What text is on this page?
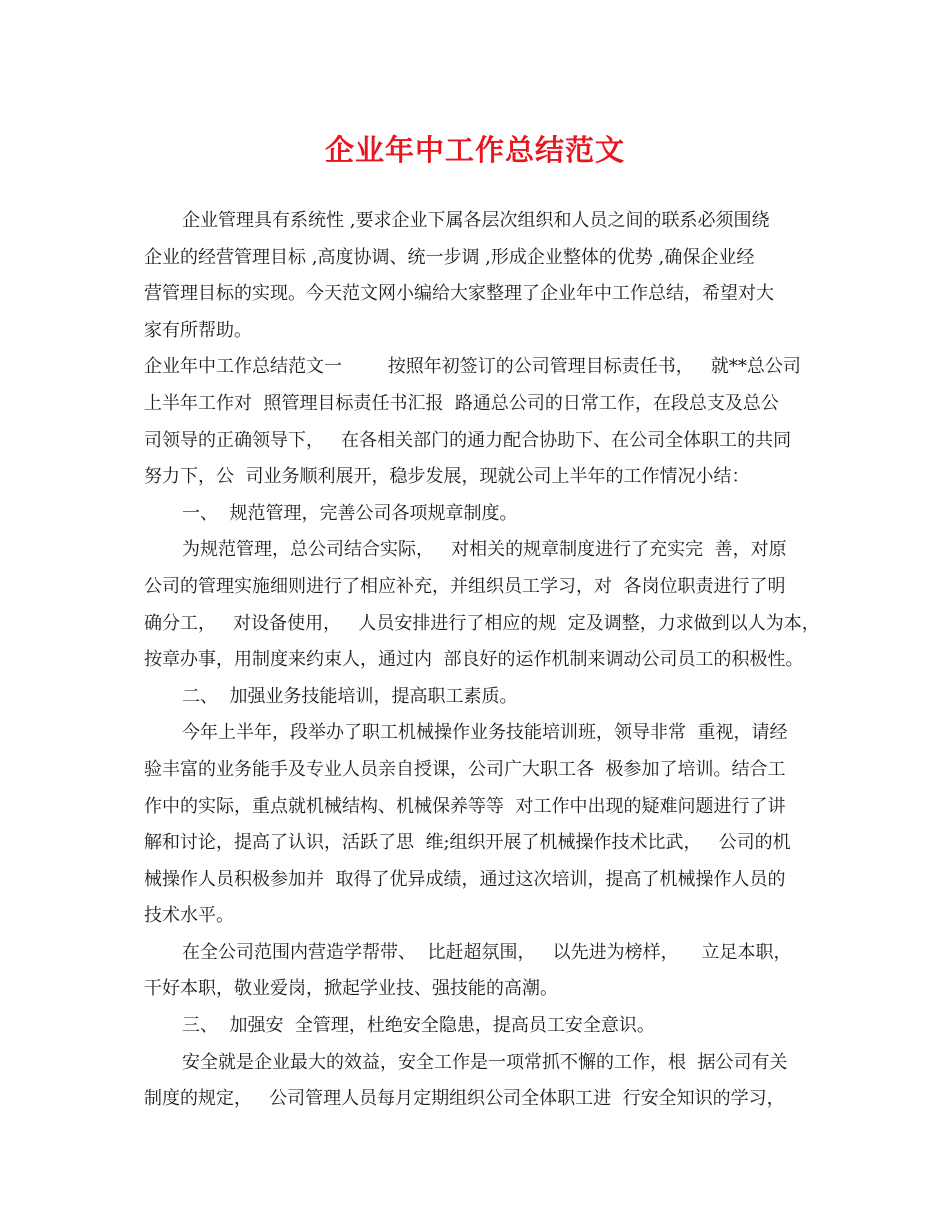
企业年中工作总结范文
企业管理具有系统性 ,要求企业下属各层次组织和人员之间的联系必须围绕
企业的经营管理目标 ,高度协调、统一步调 ,形成企业整体的优势 ,确保企业经
营管理目标的实现。今天范文网小编给大家整理了企业年中工作总结，希望对大
家有所帮助。
企业年中工作总结范文一        按照年初签订的公司管理目标责任书，   就**总公司
上半年工作对  照管理目标责任书汇报  路通总公司的日常工作，在段总支及总公
司领导的正确领导下，   在各相关部门的通力配合协助下、在公司全体职工的共同
努力下，公  司业务顺利展开，稳步发展，现就公司上半年的工作情况小结：
一、  规范管理，完善公司各项规章制度。
为规范管理，总公司结合实际，   对相关的规章制度进行了充实完  善，对原
公司的管理实施细则进行了相应补充，并组织员工学习，对  各岗位职责进行了明
确分工，   对设备使用，   人员安排进行了相应的规  定及调整，力求做到以人为本，
按章办事，用制度来约束人，通过内  部良好的运作机制来调动公司员工的积极性。
二、  加强业务技能培训，提高职工素质。
今年上半年，段举办了职工机械操作业务技能培训班，领导非常  重视，请经
验丰富的业务能手及专业人员亲自授课，公司广大职工各  极参加了培训。结合工
作中的实际，重点就机械结构、机械保养等等  对工作中出现的疑难问题进行了讲
解和讨论，提高了认识，活跃了思  维;组织开展了机械操作技术比武，   公司的机
械操作人员积极参加并  取得了优异成绩，通过这次培训，提高了机械操作人员的
技术水平。
在全公司范围内营造学帮带、  比赶超氛围，   以先进为榜样，    立足本职，
干好本职，敬业爱岗，掀起学业技、强技能的高潮。
三、  加强安  全管理，杜绝安全隐患，提高员工安全意识。
安全就是企业最大的效益，安全工作是一项常抓不懈的工作，根  据公司有关
制度的规定，   公司管理人员每月定期组织公司全体职工进  行安全知识的学习，
